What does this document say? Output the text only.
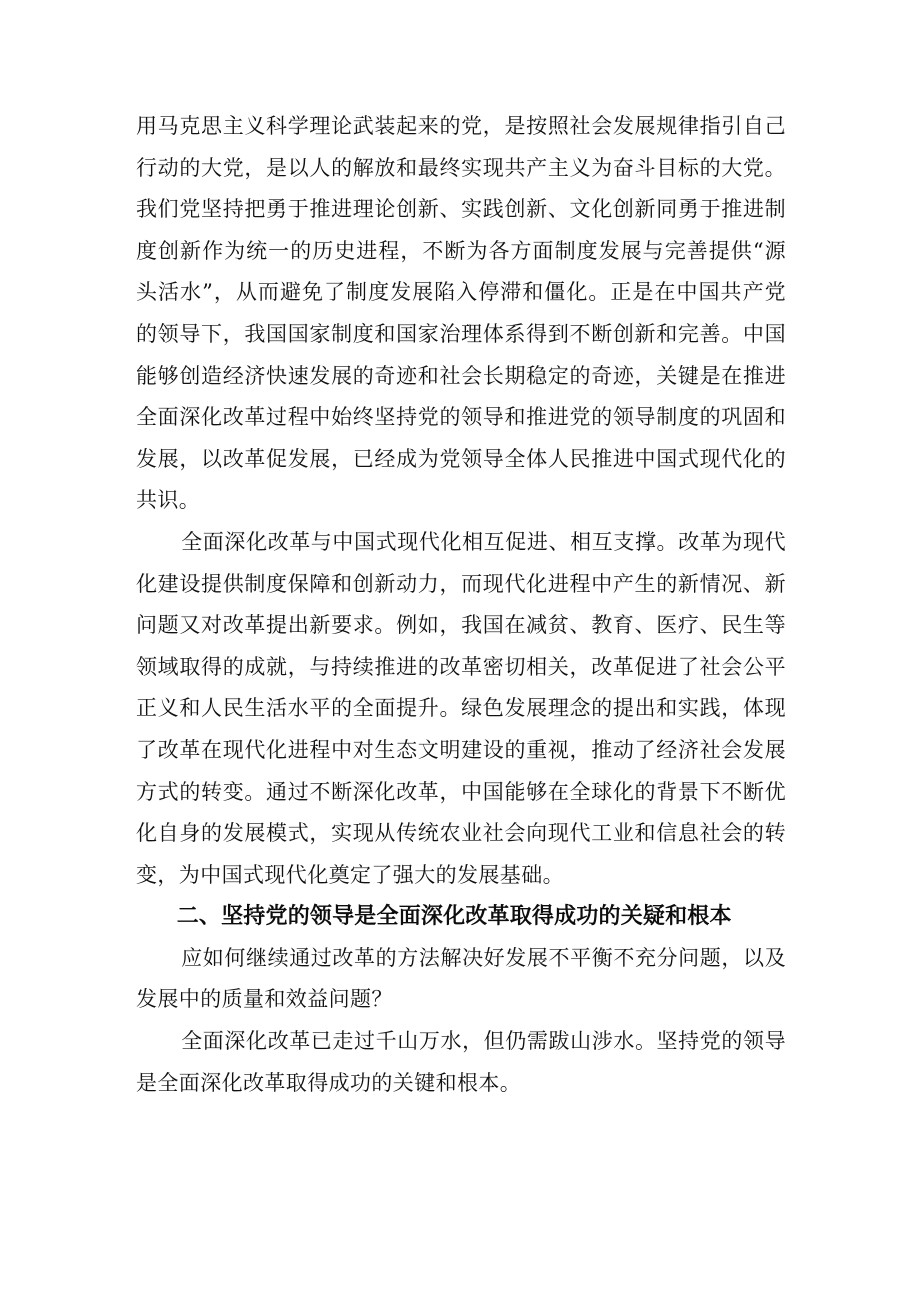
用马克思主义科学理论武装起来的党，是按照社会发展规律指引自己行动的大党，是以人的解放和最终实现共产主义为奋斗目标的大党。我们党坚持把勇于推进理论创新、实践创新、文化创新同勇于推进制度创新作为统一的历史进程，不断为各方面制度发展与完善提供“源头活水”，从而避免了制度发展陷入停滞和僵化。正是在中国共产党的领导下，我国国家制度和国家治理体系得到不断创新和完善。中国能够创造经济快速发展的奇迹和社会长期稳定的奇迹，关键是在推进全面深化改革过程中始终坚持党的领导和推进党的领导制度的巩固和发展，以改革促发展，已经成为党领导全体人民推进中国式现代化的共识。

全面深化改革与中国式现代化相互促进、相互支撑。改革为现代化建设提供制度保障和创新动力，而现代化进程中产生的新情况、新问题又对改革提出新要求。例如，我国在减贫、教育、医疗、民生等领域取得的成就，与持续推进的改革密切相关，改革促进了社会公平正义和人民生活水平的全面提升。绿色发展理念的提出和实践，体现了改革在现代化进程中对生态文明建设的重视，推动了经济社会发展方式的转变。通过不断深化改革，中国能够在全球化的背景下不断优化自身的发展模式，实现从传统农业社会向现代工业和信息社会的转变，为中国式现代化奠定了强大的发展基础。

二、坚持党的领导是全面深化改革取得成功的关疑和根本

应如何继续通过改革的方法解决好发展不平衡不充分问题，以及发展中的质量和效益问题？

全面深化改革已走过千山万水，但仍需跋山涉水。坚持党的领导是全面深化改革取得成功的关键和根本。
